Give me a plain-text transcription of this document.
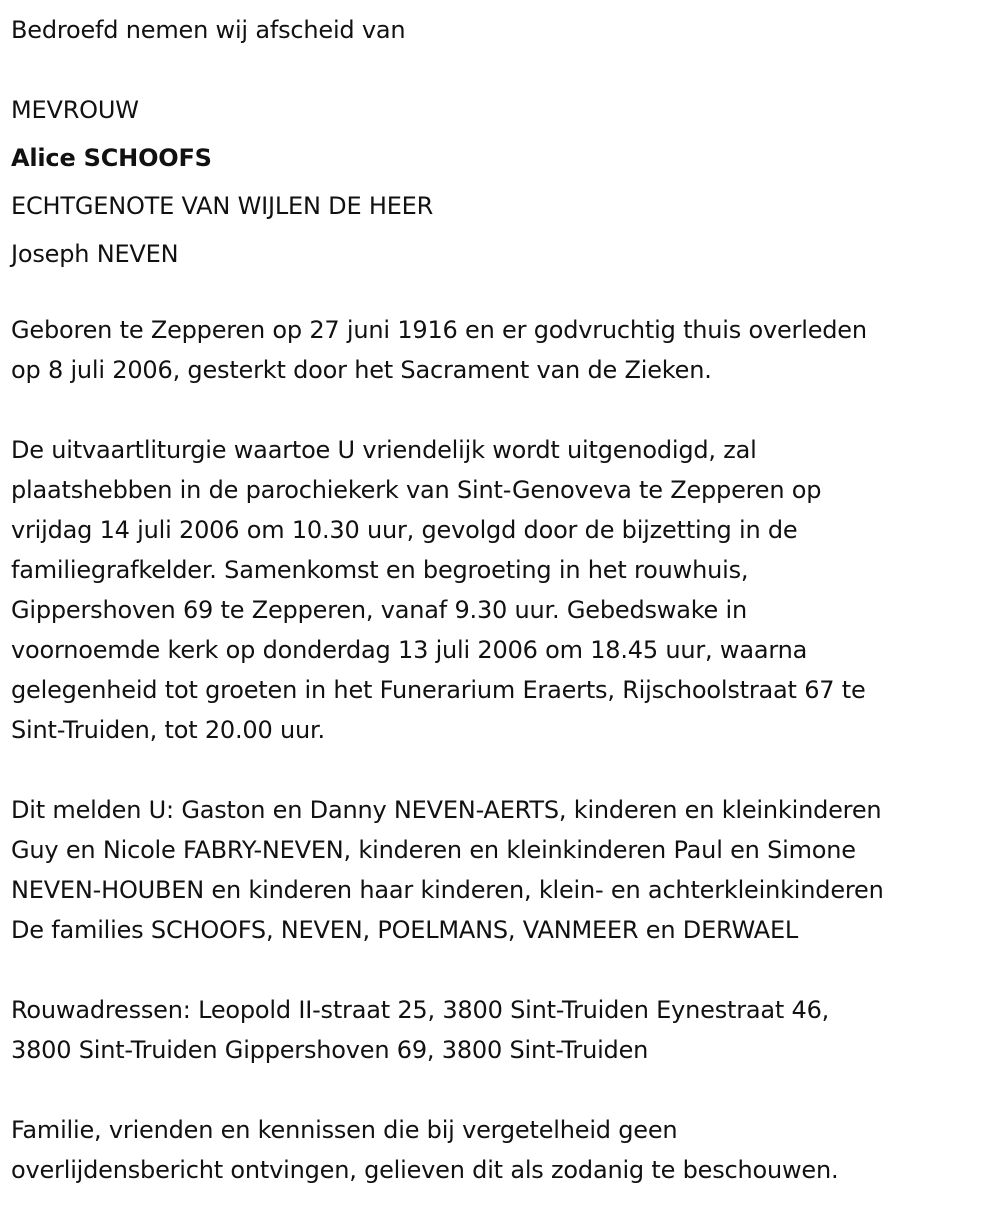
Bedroefd nemen wij afscheid van

MEVROUW

Alice SCHOOFS

ECHTGENOTE VAN WIJLEN DE HEER

Joseph NEVEN

Geboren te Zepperen op 27 juni 1916 en er godvruchtig thuis overleden

op 8 juli 2006, gesterkt door het Sacrament van de Zieken.

De uitvaartliturgie waartoe U vriendelijk wordt uitgenodigd, zal

plaatshebben in de parochiekerk van Sint-Genoveva te Zepperen op

vrijdag 14 juli 2006 om 10.30 uur, gevolgd door de bijzetting in de

familiegrafkelder. Samenkomst en begroeting in het rouwhuis,

Gippershoven 69 te Zepperen, vanaf 9.30 uur. Gebedswake in

voornoemde kerk op donderdag 13 juli 2006 om 18.45 uur, waarna

gelegenheid tot groeten in het Funerarium Eraerts, Rijschoolstraat 67 te

Sint-Truiden, tot 20.00 uur.

Dit melden U: Gaston en Danny NEVEN-AERTS, kinderen en kleinkinderen

Guy en Nicole FABRY-NEVEN, kinderen en kleinkinderen Paul en Simone

NEVEN-HOUBEN en kinderen haar kinderen, klein- en achterkleinkinderen

De families SCHOOFS, NEVEN, POELMANS, VANMEER en DERWAEL

Rouwadressen: Leopold II-straat 25, 3800 Sint-Truiden Eynestraat 46,

3800 Sint-Truiden Gippershoven 69, 3800 Sint-Truiden

Familie, vrienden en kennissen die bij vergetelheid geen

overlijdensbericht ontvingen, gelieven dit als zodanig te beschouwen.
